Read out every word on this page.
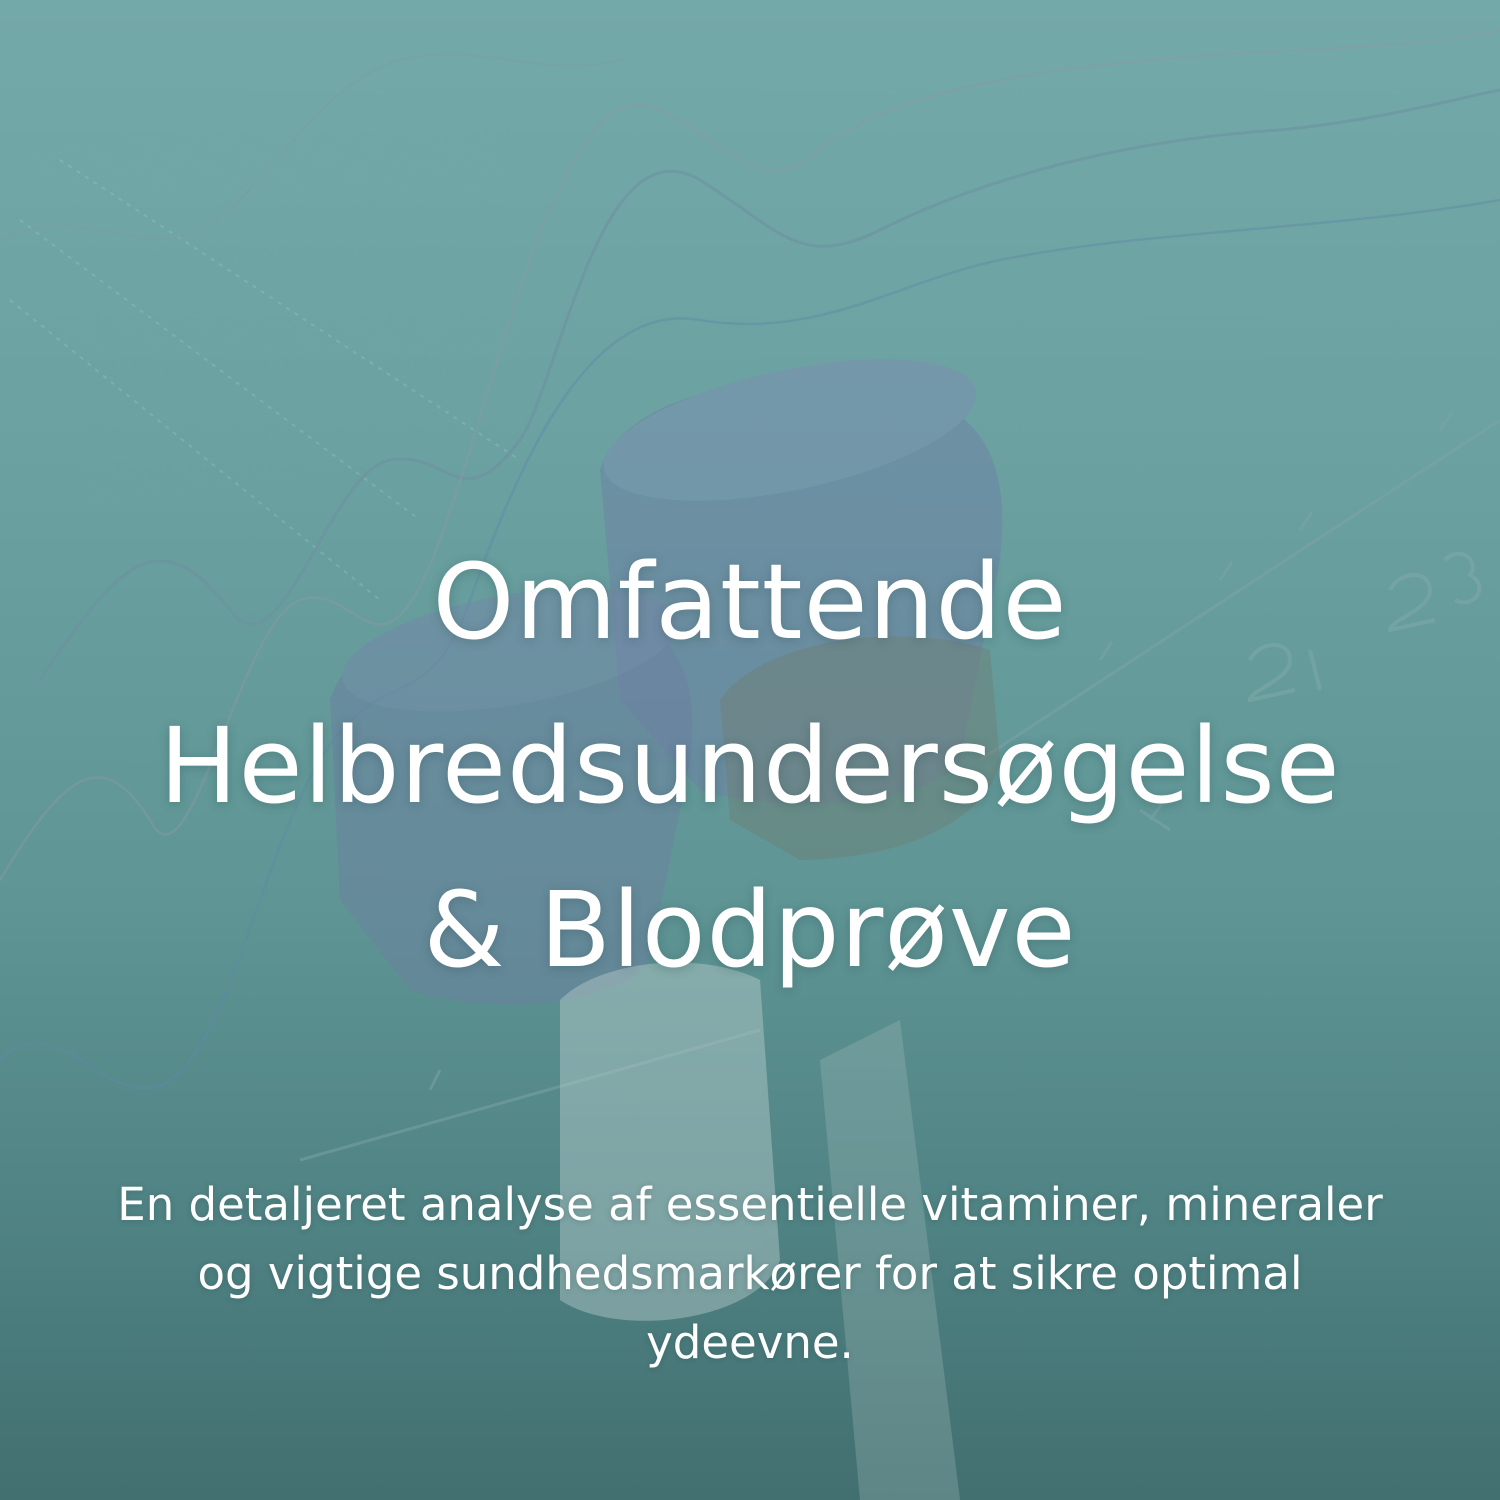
Omfattende
Helbredsundersøgelse
& Blodprøve

En detaljeret analyse af essentielle vitaminer, mineraler og vigtige sundhedsmarkører for at sikre optimal ydeevne.
